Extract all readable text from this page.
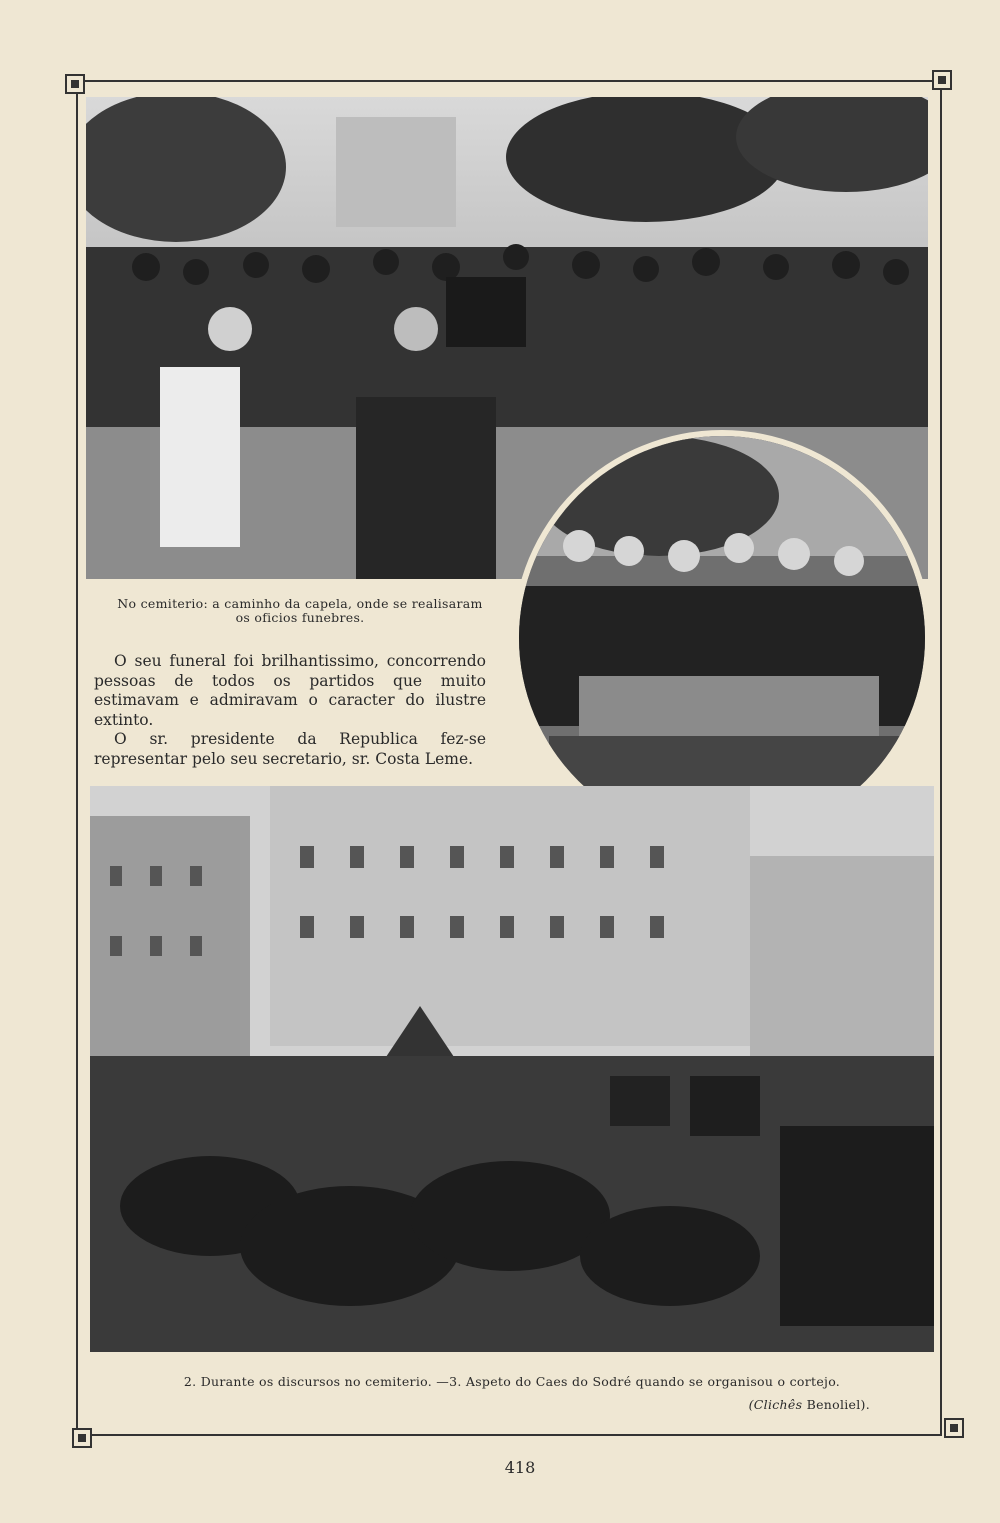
No cemiterio: a caminho da capela, onde se realisaram
os oficios funebres.

O seu funeral foi brilhantissimo, concorrendo pessoas de todos os partidos que muito estimavam e admiravam o caracter do ilustre extinto.

O sr. presidente da Republica fez-se representar pelo seu secretario, sr. Costa Leme.

2. Durante os discursos no cemiterio. —3. Aspeto do Caes do Sodré quando se organisou o cortejo.
(Clichês Benoliel).
418
